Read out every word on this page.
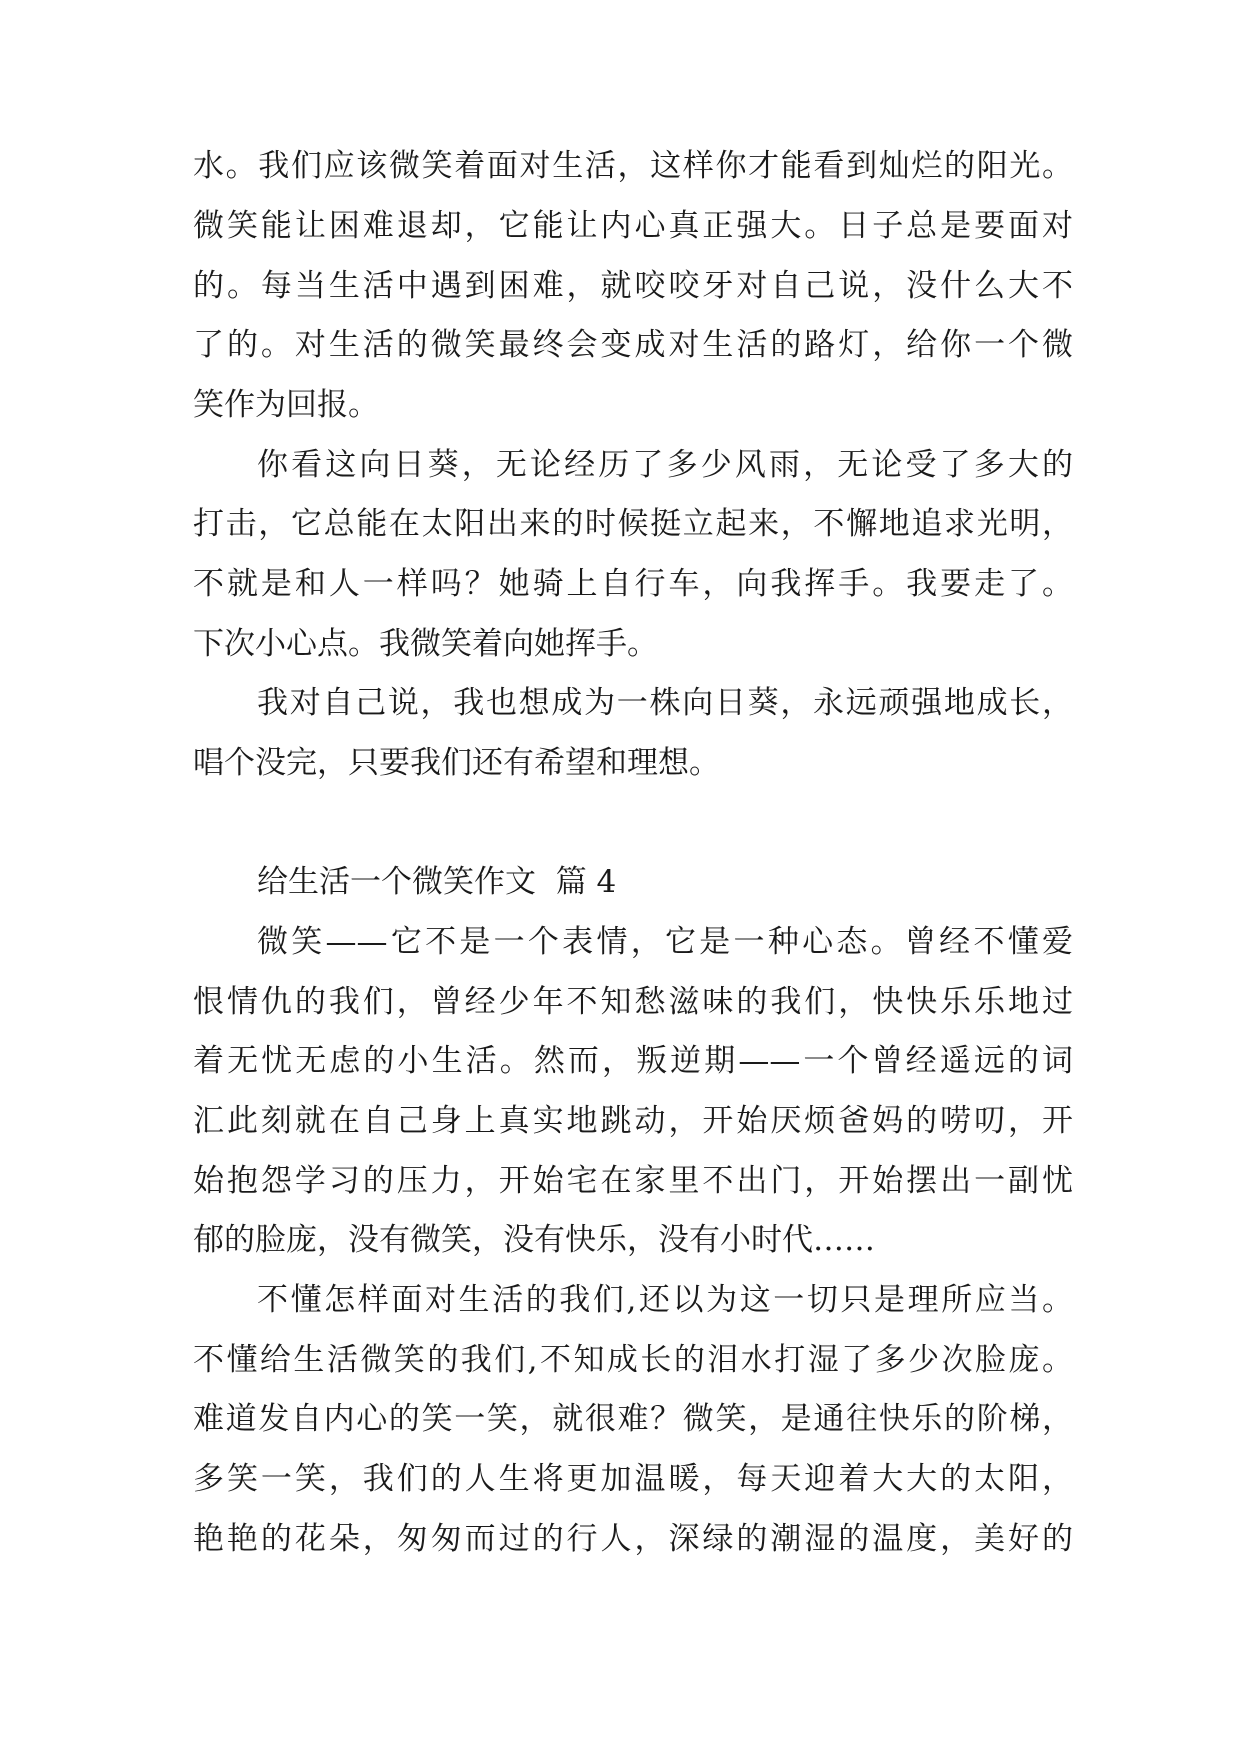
水。我们应该微笑着面对生活，这样你才能看到灿烂的阳光。
微笑能让困难退却，它能让内心真正强大。日子总是要面对
的。每当生活中遇到困难，就咬咬牙对自己说，没什么大不
了的。对生活的微笑最终会变成对生活的路灯，给你一个微
笑作为回报。
你看这向日葵，无论经历了多少风雨，无论受了多大的
打击，它总能在太阳出来的时候挺立起来，不懈地追求光明，
不就是和人一样吗？她骑上自行车，向我挥手。我要走了。
下次小心点。我微笑着向她挥手。
我对自己说，我也想成为一株向日葵，永远顽强地成长，
唱个没完，只要我们还有希望和理想。
给生活一个微笑作文  篇 4
微笑——它不是一个表情，它是一种心态。曾经不懂爱
恨情仇的我们，曾经少年不知愁滋味的我们，快快乐乐地过
着无忧无虑的小生活。然而，叛逆期——一个曾经遥远的词
汇此刻就在自己身上真实地跳动，开始厌烦爸妈的唠叨，开
始抱怨学习的压力，开始宅在家里不出门，开始摆出一副忧
郁的脸庞，没有微笑，没有快乐，没有小时代……
不懂怎样面对生活的我们,还以为这一切只是理所应当。
不懂给生活微笑的我们,不知成长的泪水打湿了多少次脸庞。
难道发自内心的笑一笑，就很难？微笑，是通往快乐的阶梯，
多笑一笑，我们的人生将更加温暖，每天迎着大大的太阳，
艳艳的花朵，匆匆而过的行人，深绿的潮湿的温度，美好的
